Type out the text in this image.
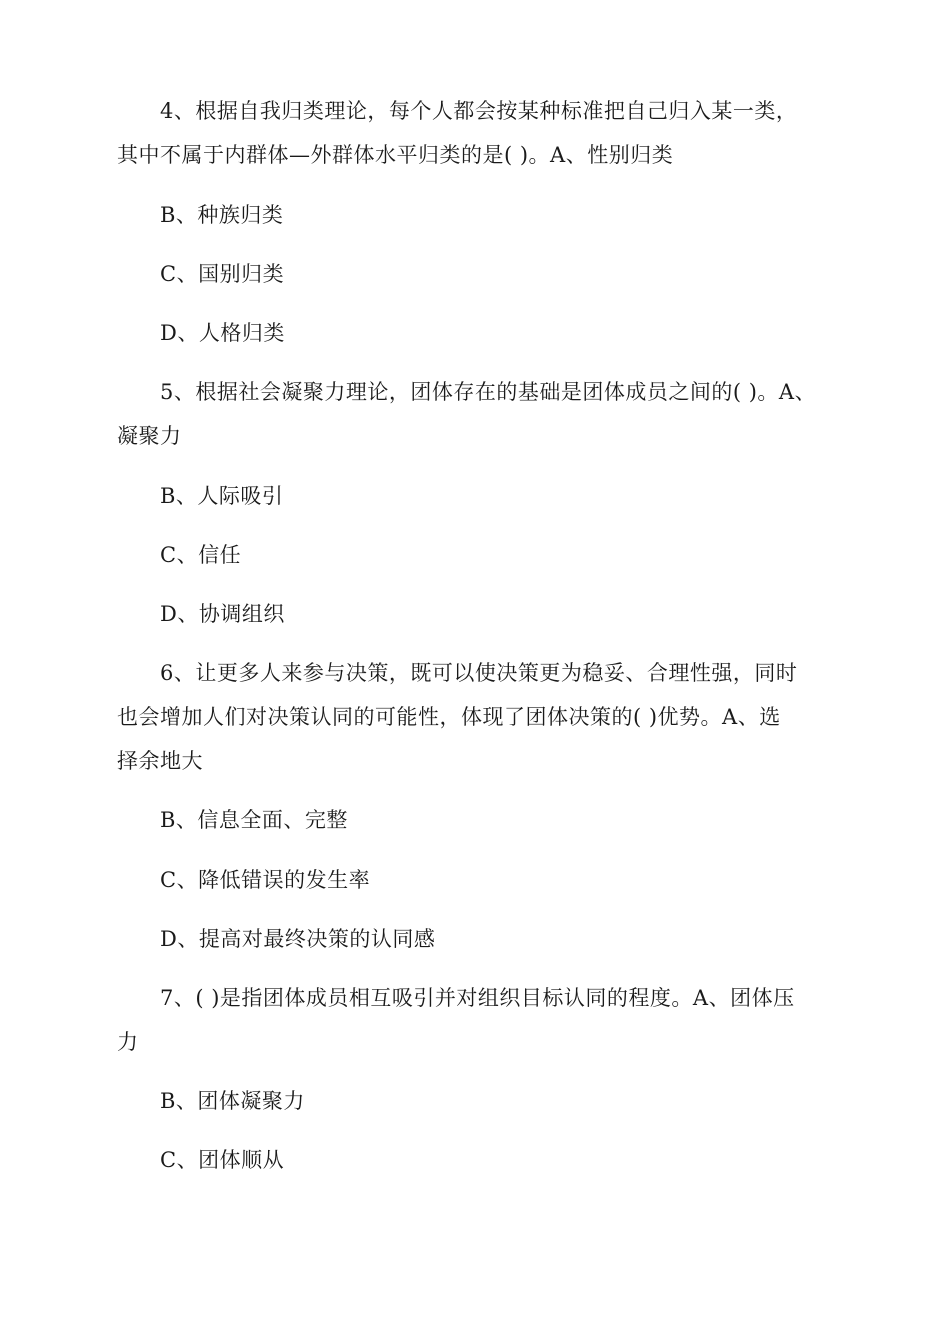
4、根据自我归类理论，每个人都会按某种标准把自己归入某一类，
其中不属于内群体—外群体水平归类的是( )。A、性别归类
B、种族归类
C、国别归类
D、人格归类
5、根据社会凝聚力理论，团体存在的基础是团体成员之间的( )。A、
凝聚力
B、人际吸引
C、信任
D、协调组织
6、让更多人来参与决策，既可以使决策更为稳妥、合理性强，同时
也会增加人们对决策认同的可能性，体现了团体决策的( )优势。A、选
择余地大
B、信息全面、完整
C、降低错误的发生率
D、提高对最终决策的认同感
7、( )是指团体成员相互吸引并对组织目标认同的程度。A、团体压
力
B、团体凝聚力
C、团体顺从
